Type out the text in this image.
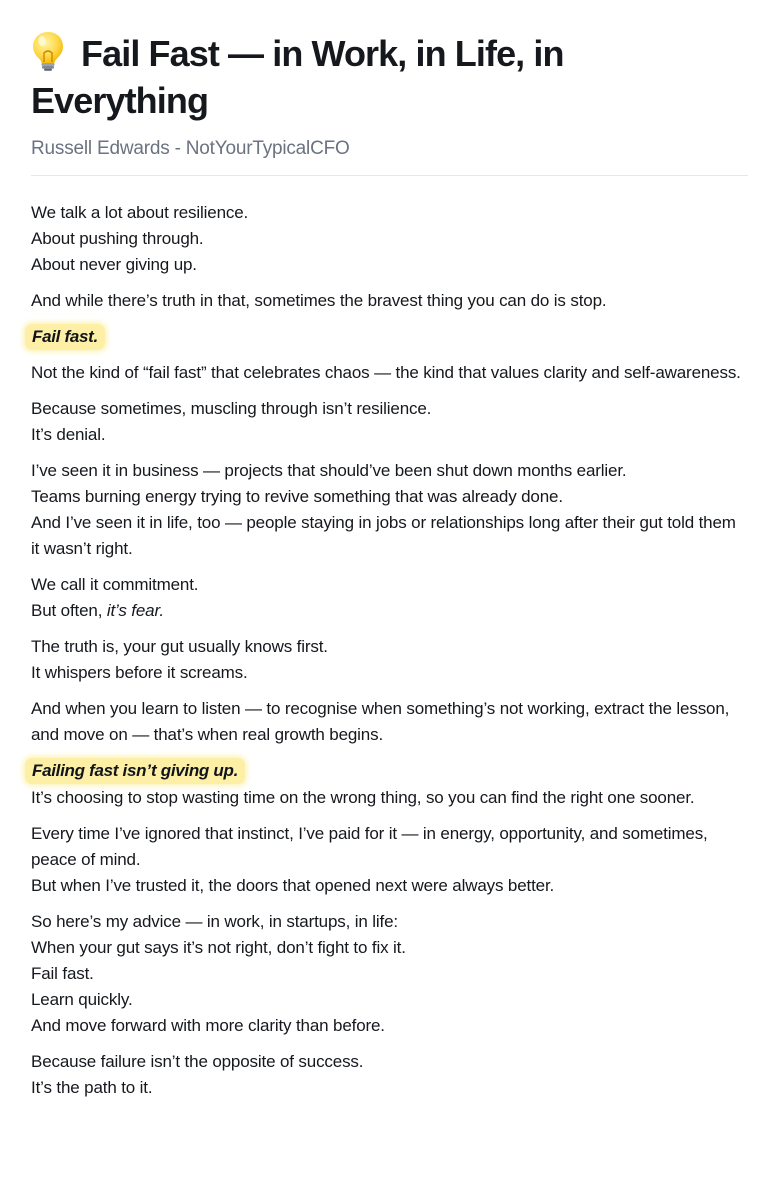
Fail Fast — in Work, in Life, in Everything
Russell Edwards - NotYourTypicalCFO

We talk a lot about resilience.
About pushing through.
About never giving up.

And while there’s truth in that, sometimes the bravest thing you can do is stop.

Fail fast.

Not the kind of “fail fast” that celebrates chaos — the kind that values clarity and self-awareness.

Because sometimes, muscling through isn’t resilience.
It’s denial.

I’ve seen it in business — projects that should’ve been shut down months earlier.
Teams burning energy trying to revive something that was already done.
And I’ve seen it in life, too — people staying in jobs or relationships long after their gut told them it wasn’t right.

We call it commitment.
But often, it’s fear.

The truth is, your gut usually knows first.
It whispers before it screams.

And when you learn to listen — to recognise when something’s not working, extract the lesson, and move on — that’s when real growth begins.

Failing fast isn’t giving up.

It’s choosing to stop wasting time on the wrong thing, so you can find the right one sooner.

Every time I’ve ignored that instinct, I’ve paid for it — in energy, opportunity, and sometimes, peace of mind.
But when I’ve trusted it, the doors that opened next were always better.

So here’s my advice — in work, in startups, in life:
When your gut says it’s not right, don’t fight to fix it.
Fail fast.
Learn quickly.
And move forward with more clarity than before.

Because failure isn’t the opposite of success.
It’s the path to it.
